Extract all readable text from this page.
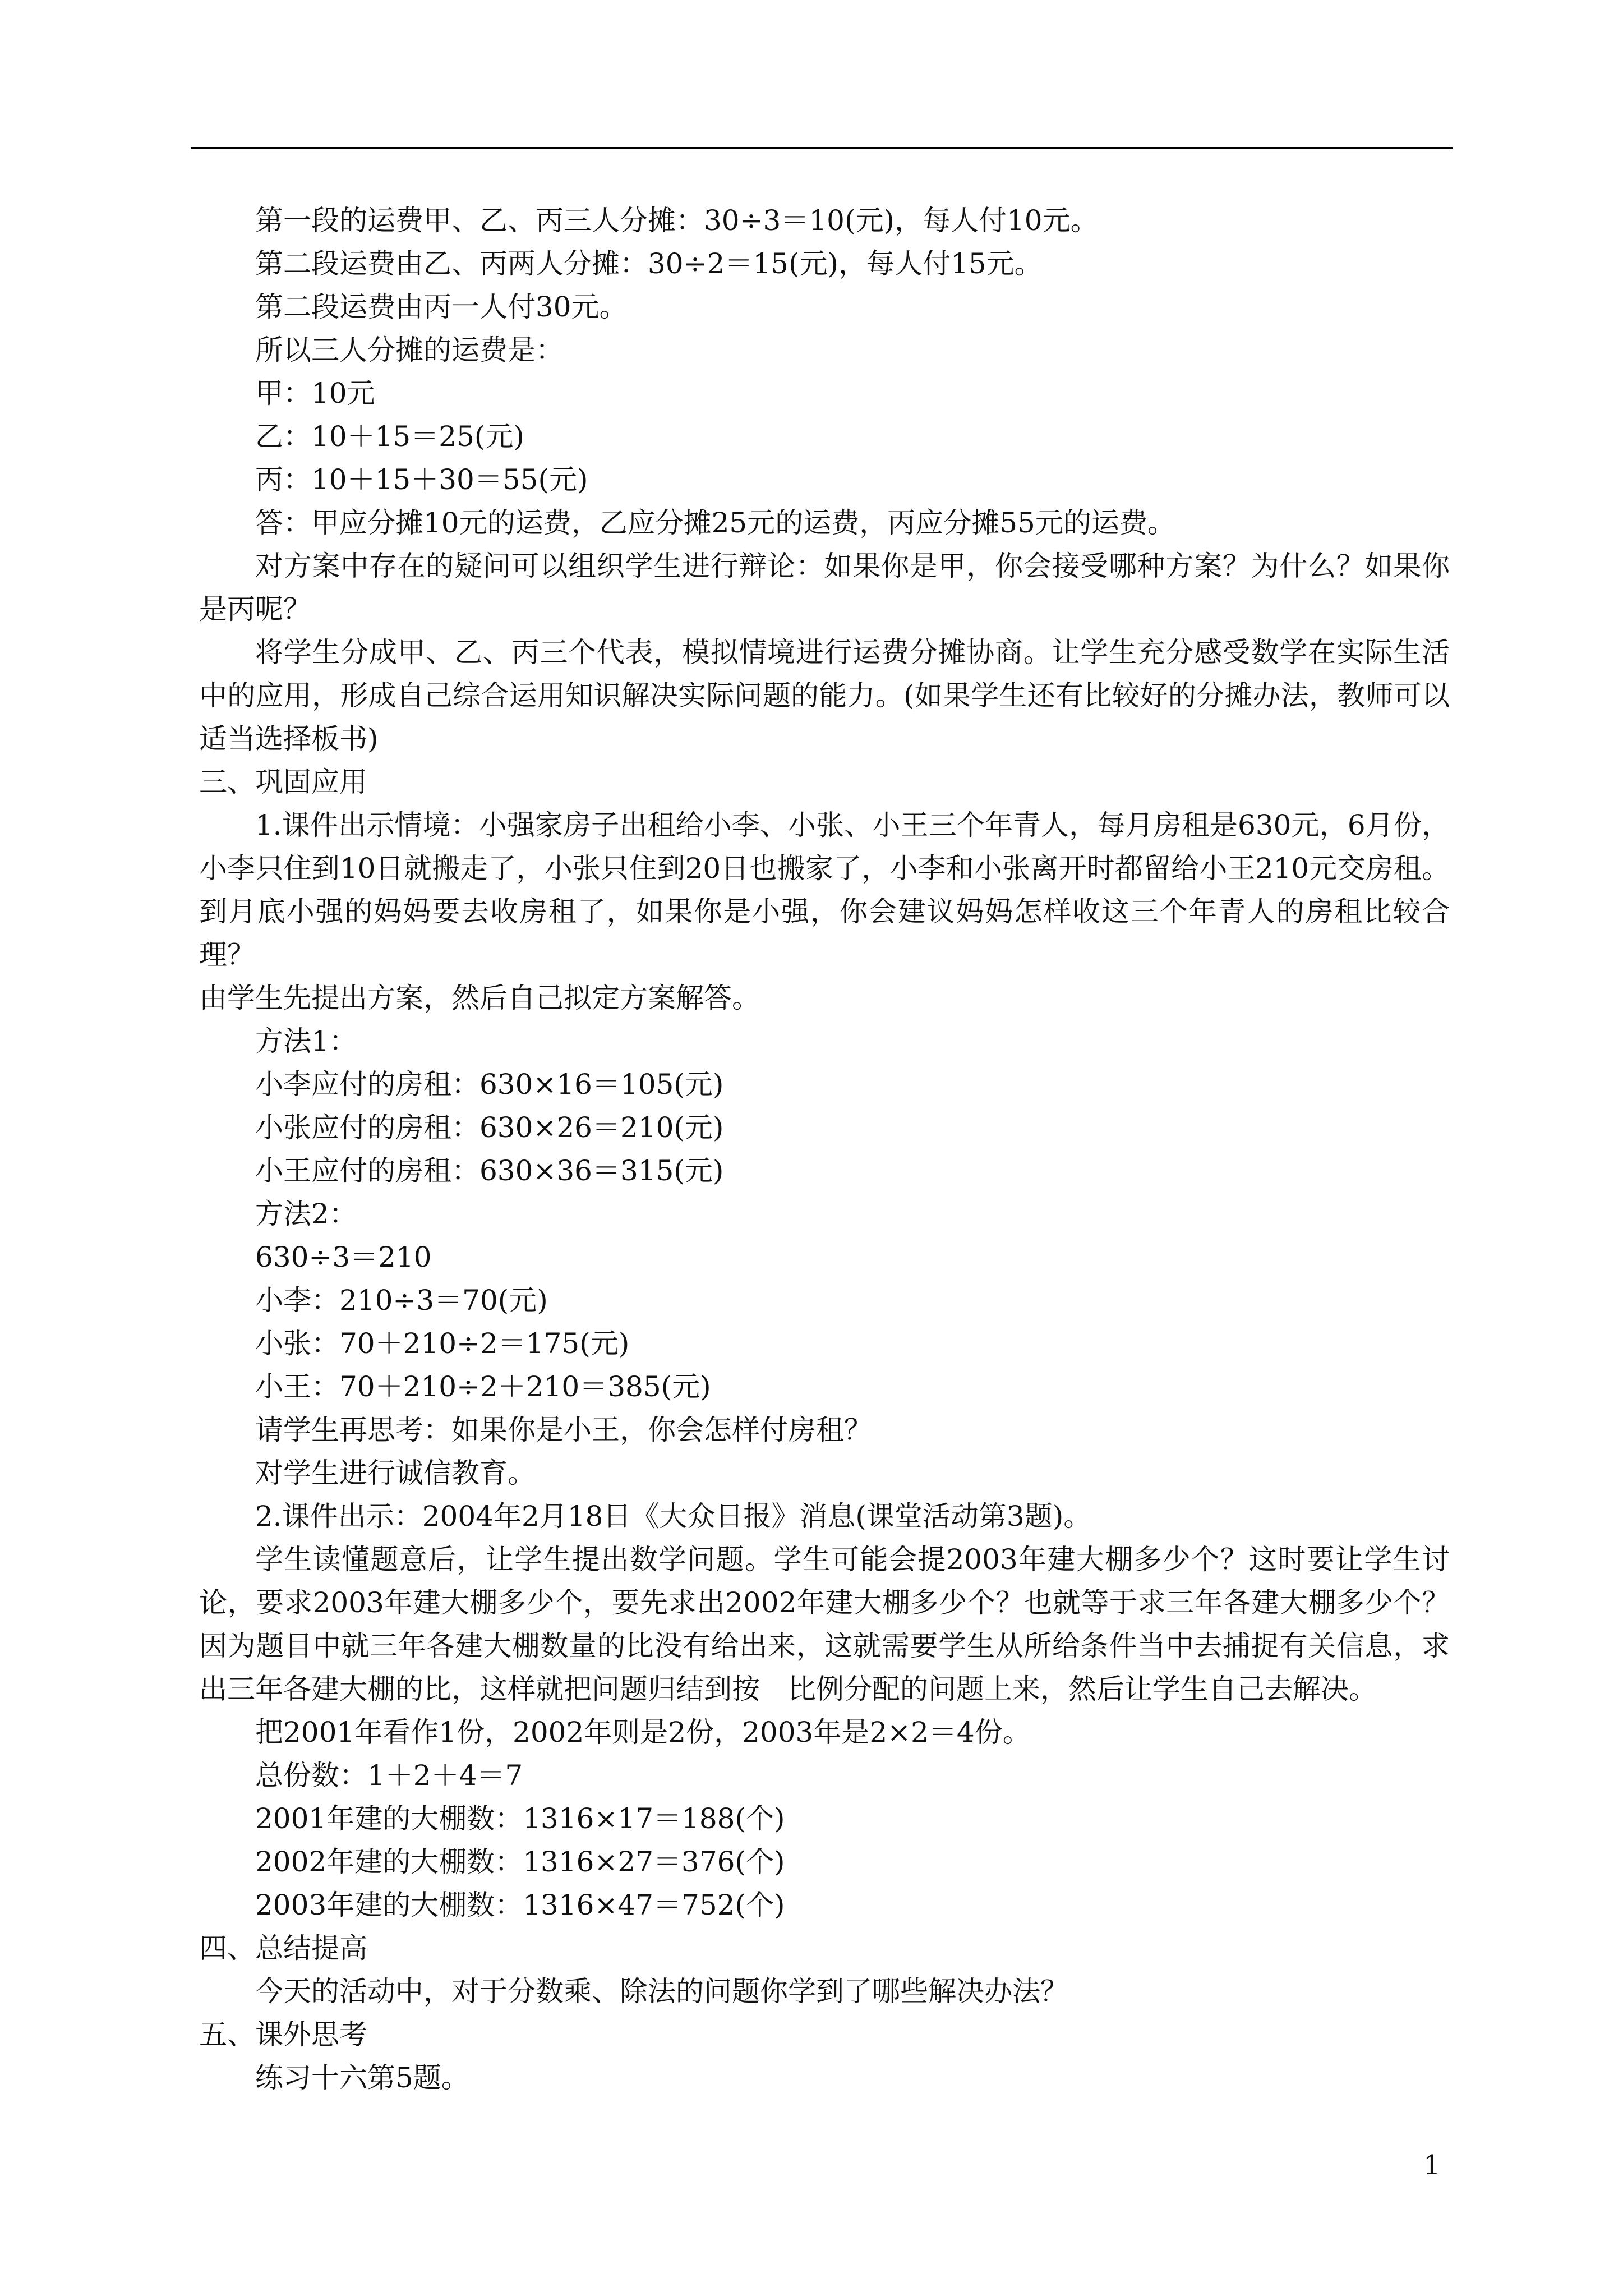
第一段的运费甲、乙、丙三人分摊：30÷3＝10(元)，每人付10元。
第二段运费由乙、丙两人分摊：30÷2＝15(元)，每人付15元。
第二段运费由丙一人付30元。
所以三人分摊的运费是：
甲：10元
乙：10＋15＝25(元)
丙：10＋15＋30＝55(元)
答：甲应分摊10元的运费，乙应分摊25元的运费，丙应分摊55元的运费。
对方案中存在的疑问可以组织学生进行辩论：如果你是甲，你会接受哪种方案？为什么？如果你是丙呢？
将学生分成甲、乙、丙三个代表，模拟情境进行运费分摊协商。让学生充分感受数学在实际生活中的应用，形成自己综合运用知识解决实际问题的能力。(如果学生还有比较好的分摊办法，教师可以适当选择板书)
三、巩固应用
1.课件出示情境：小强家房子出租给小李、小张、小王三个年青人，每月房租是630元，6月份，小李只住到10日就搬走了，小张只住到20日也搬家了，小李和小张离开时都留给小王210元交房租。到月底小强的妈妈要去收房租了，如果你是小强，你会建议妈妈怎样收这三个年青人的房租比较合理？
由学生先提出方案，然后自己拟定方案解答。
方法1：
小李应付的房租：630×16＝105(元)
小张应付的房租：630×26＝210(元)
小王应付的房租：630×36＝315(元)
方法2：
630÷3＝210
小李：210÷3＝70(元)
小张：70＋210÷2＝175(元)
小王：70＋210÷2＋210＝385(元)
请学生再思考：如果你是小王，你会怎样付房租？
对学生进行诚信教育。
2.课件出示：2004年2月18日《大众日报》消息(课堂活动第3题)。
学生读懂题意后，让学生提出数学问题。学生可能会提2003年建大棚多少个？这时要让学生讨论，要求2003年建大棚多少个，要先求出2002年建大棚多少个？也就等于求三年各建大棚多少个？因为题目中就三年各建大棚数量的比没有给出来，这就需要学生从所给条件当中去捕捉有关信息，求出三年各建大棚的比，这样就把问题归结到按　比例分配的问题上来，然后让学生自己去解决。
把2001年看作1份，2002年则是2份，2003年是2×2＝4份。
总份数：1＋2＋4＝7
2001年建的大棚数：1316×17＝188(个)
2002年建的大棚数：1316×27＝376(个)
2003年建的大棚数：1316×47＝752(个)
四、总结提高
今天的活动中，对于分数乘、除法的问题你学到了哪些解决办法？
五、课外思考
练习十六第5题。
1
